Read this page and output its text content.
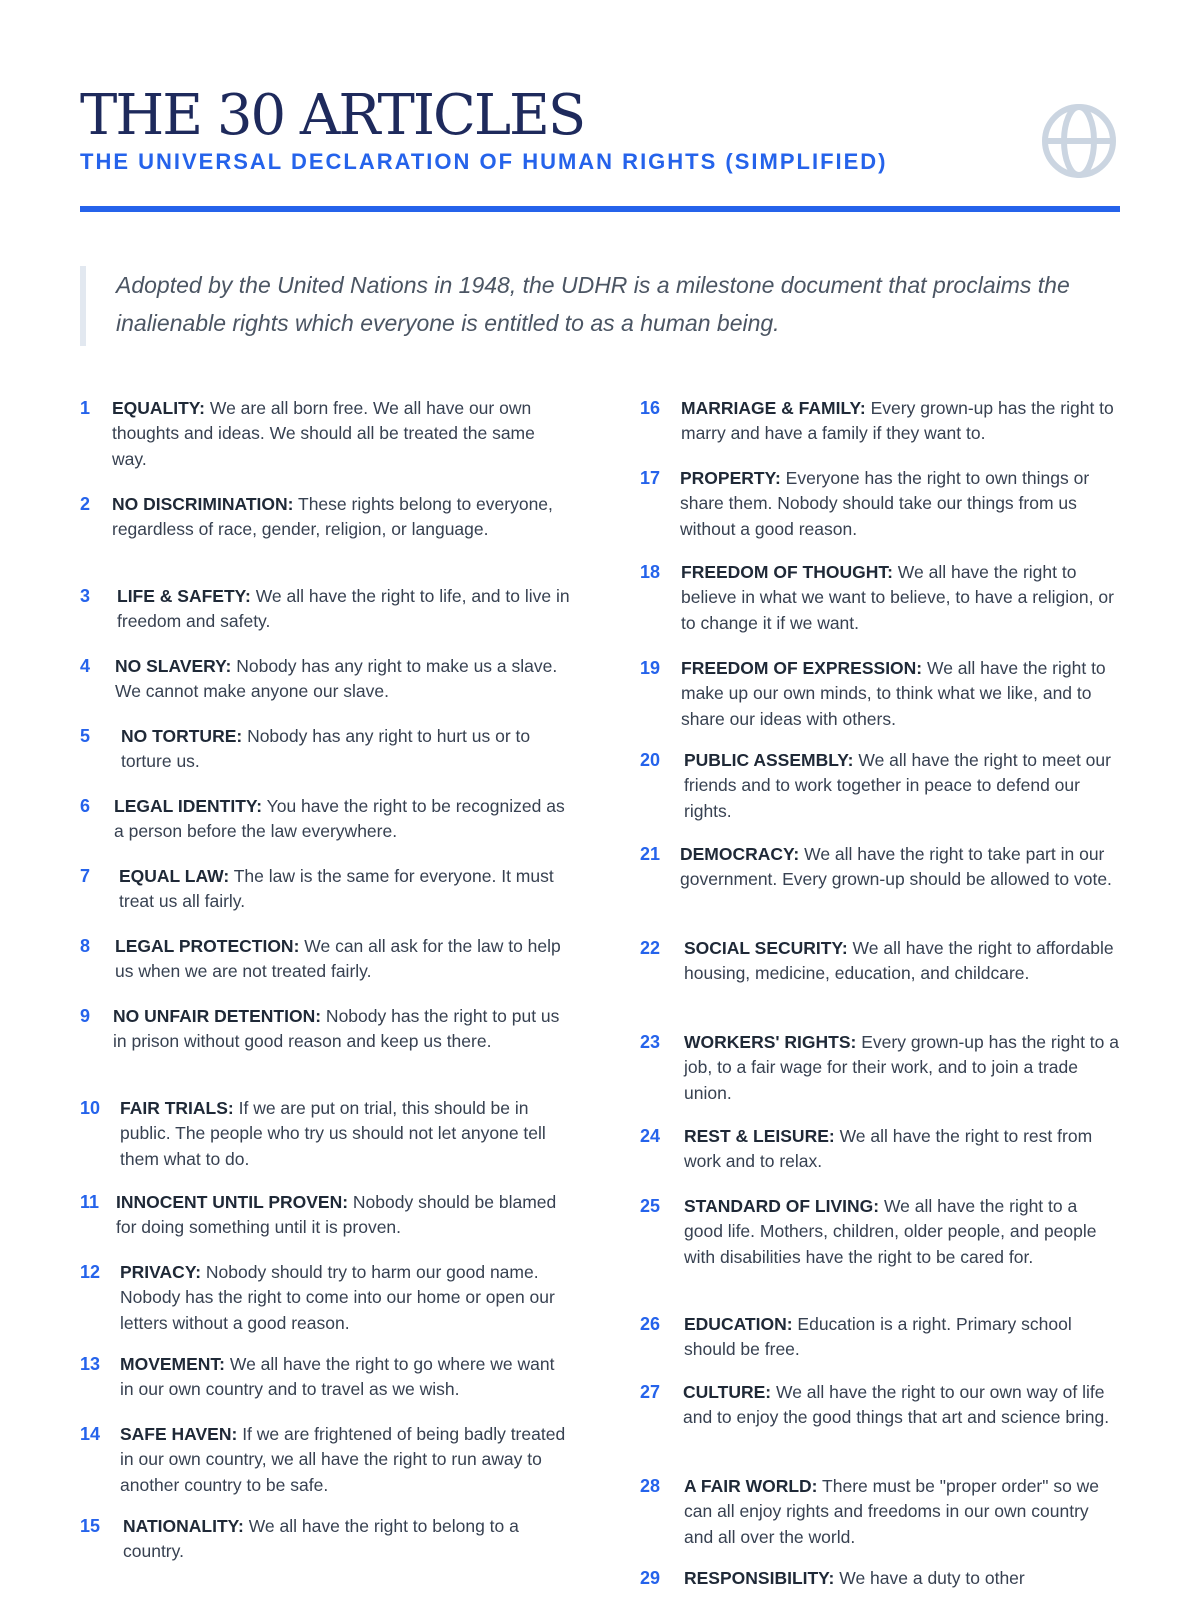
THE 30 ARTICLES
THE UNIVERSAL DECLARATION OF HUMAN RIGHTS (SIMPLIFIED)

Adopted by the United Nations in 1948, the UDHR is a milestone document that proclaims the inalienable rights which everyone is entitled to as a human being.

1 EQUALITY: We are all born free. We all have our own thoughts and ideas. We should all be treated the same way.
2 NO DISCRIMINATION: These rights belong to everyone, regardless of race, gender, religion, or language.
3 LIFE & SAFETY: We all have the right to life, and to live in freedom and safety.
4 NO SLAVERY: Nobody has any right to make us a slave. We cannot make anyone our slave.
5 NO TORTURE: Nobody has any right to hurt us or to torture us.
6 LEGAL IDENTITY: You have the right to be recognized as a person before the law everywhere.
7 EQUAL LAW: The law is the same for everyone. It must treat us all fairly.
8 LEGAL PROTECTION: We can all ask for the law to help us when we are not treated fairly.
9 NO UNFAIR DETENTION: Nobody has the right to put us in prison without good reason and keep us there.
10 FAIR TRIALS: If we are put on trial, this should be in public. The people who try us should not let anyone tell them what to do.
11 INNOCENT UNTIL PROVEN: Nobody should be blamed for doing something until it is proven.
12 PRIVACY: Nobody should try to harm our good name. Nobody has the right to come into our home or open our letters without a good reason.
13 MOVEMENT: We all have the right to go where we want in our own country and to travel as we wish.
14 SAFE HAVEN: If we are frightened of being badly treated in our own country, we all have the right to run away to another country to be safe.
15 NATIONALITY: We all have the right to belong to a country.
16 MARRIAGE & FAMILY: Every grown-up has the right to marry and have a family if they want to.
17 PROPERTY: Everyone has the right to own things or share them. Nobody should take our things from us without a good reason.
18 FREEDOM OF THOUGHT: We all have the right to believe in what we want to believe, to have a religion, or to change it if we want.
19 FREEDOM OF EXPRESSION: We all have the right to make up our own minds, to think what we like, and to share our ideas with others.
20 PUBLIC ASSEMBLY: We all have the right to meet our friends and to work together in peace to defend our rights.
21 DEMOCRACY: We all have the right to take part in our government. Every grown-up should be allowed to vote.
22 SOCIAL SECURITY: We all have the right to affordable housing, medicine, education, and childcare.
23 WORKERS' RIGHTS: Every grown-up has the right to a job, to a fair wage for their work, and to join a trade union.
24 REST & LEISURE: We all have the right to rest from work and to relax.
25 STANDARD OF LIVING: We all have the right to a good life. Mothers, children, older people, and people with disabilities have the right to be cared for.
26 EDUCATION: Education is a right. Primary school should be free.
27 CULTURE: We all have the right to our own way of life and to enjoy the good things that art and science bring.
28 A FAIR WORLD: There must be "proper order" so we can all enjoy rights and freedoms in our own country and all over the world.
29 RESPONSIBILITY: We have a duty to other
